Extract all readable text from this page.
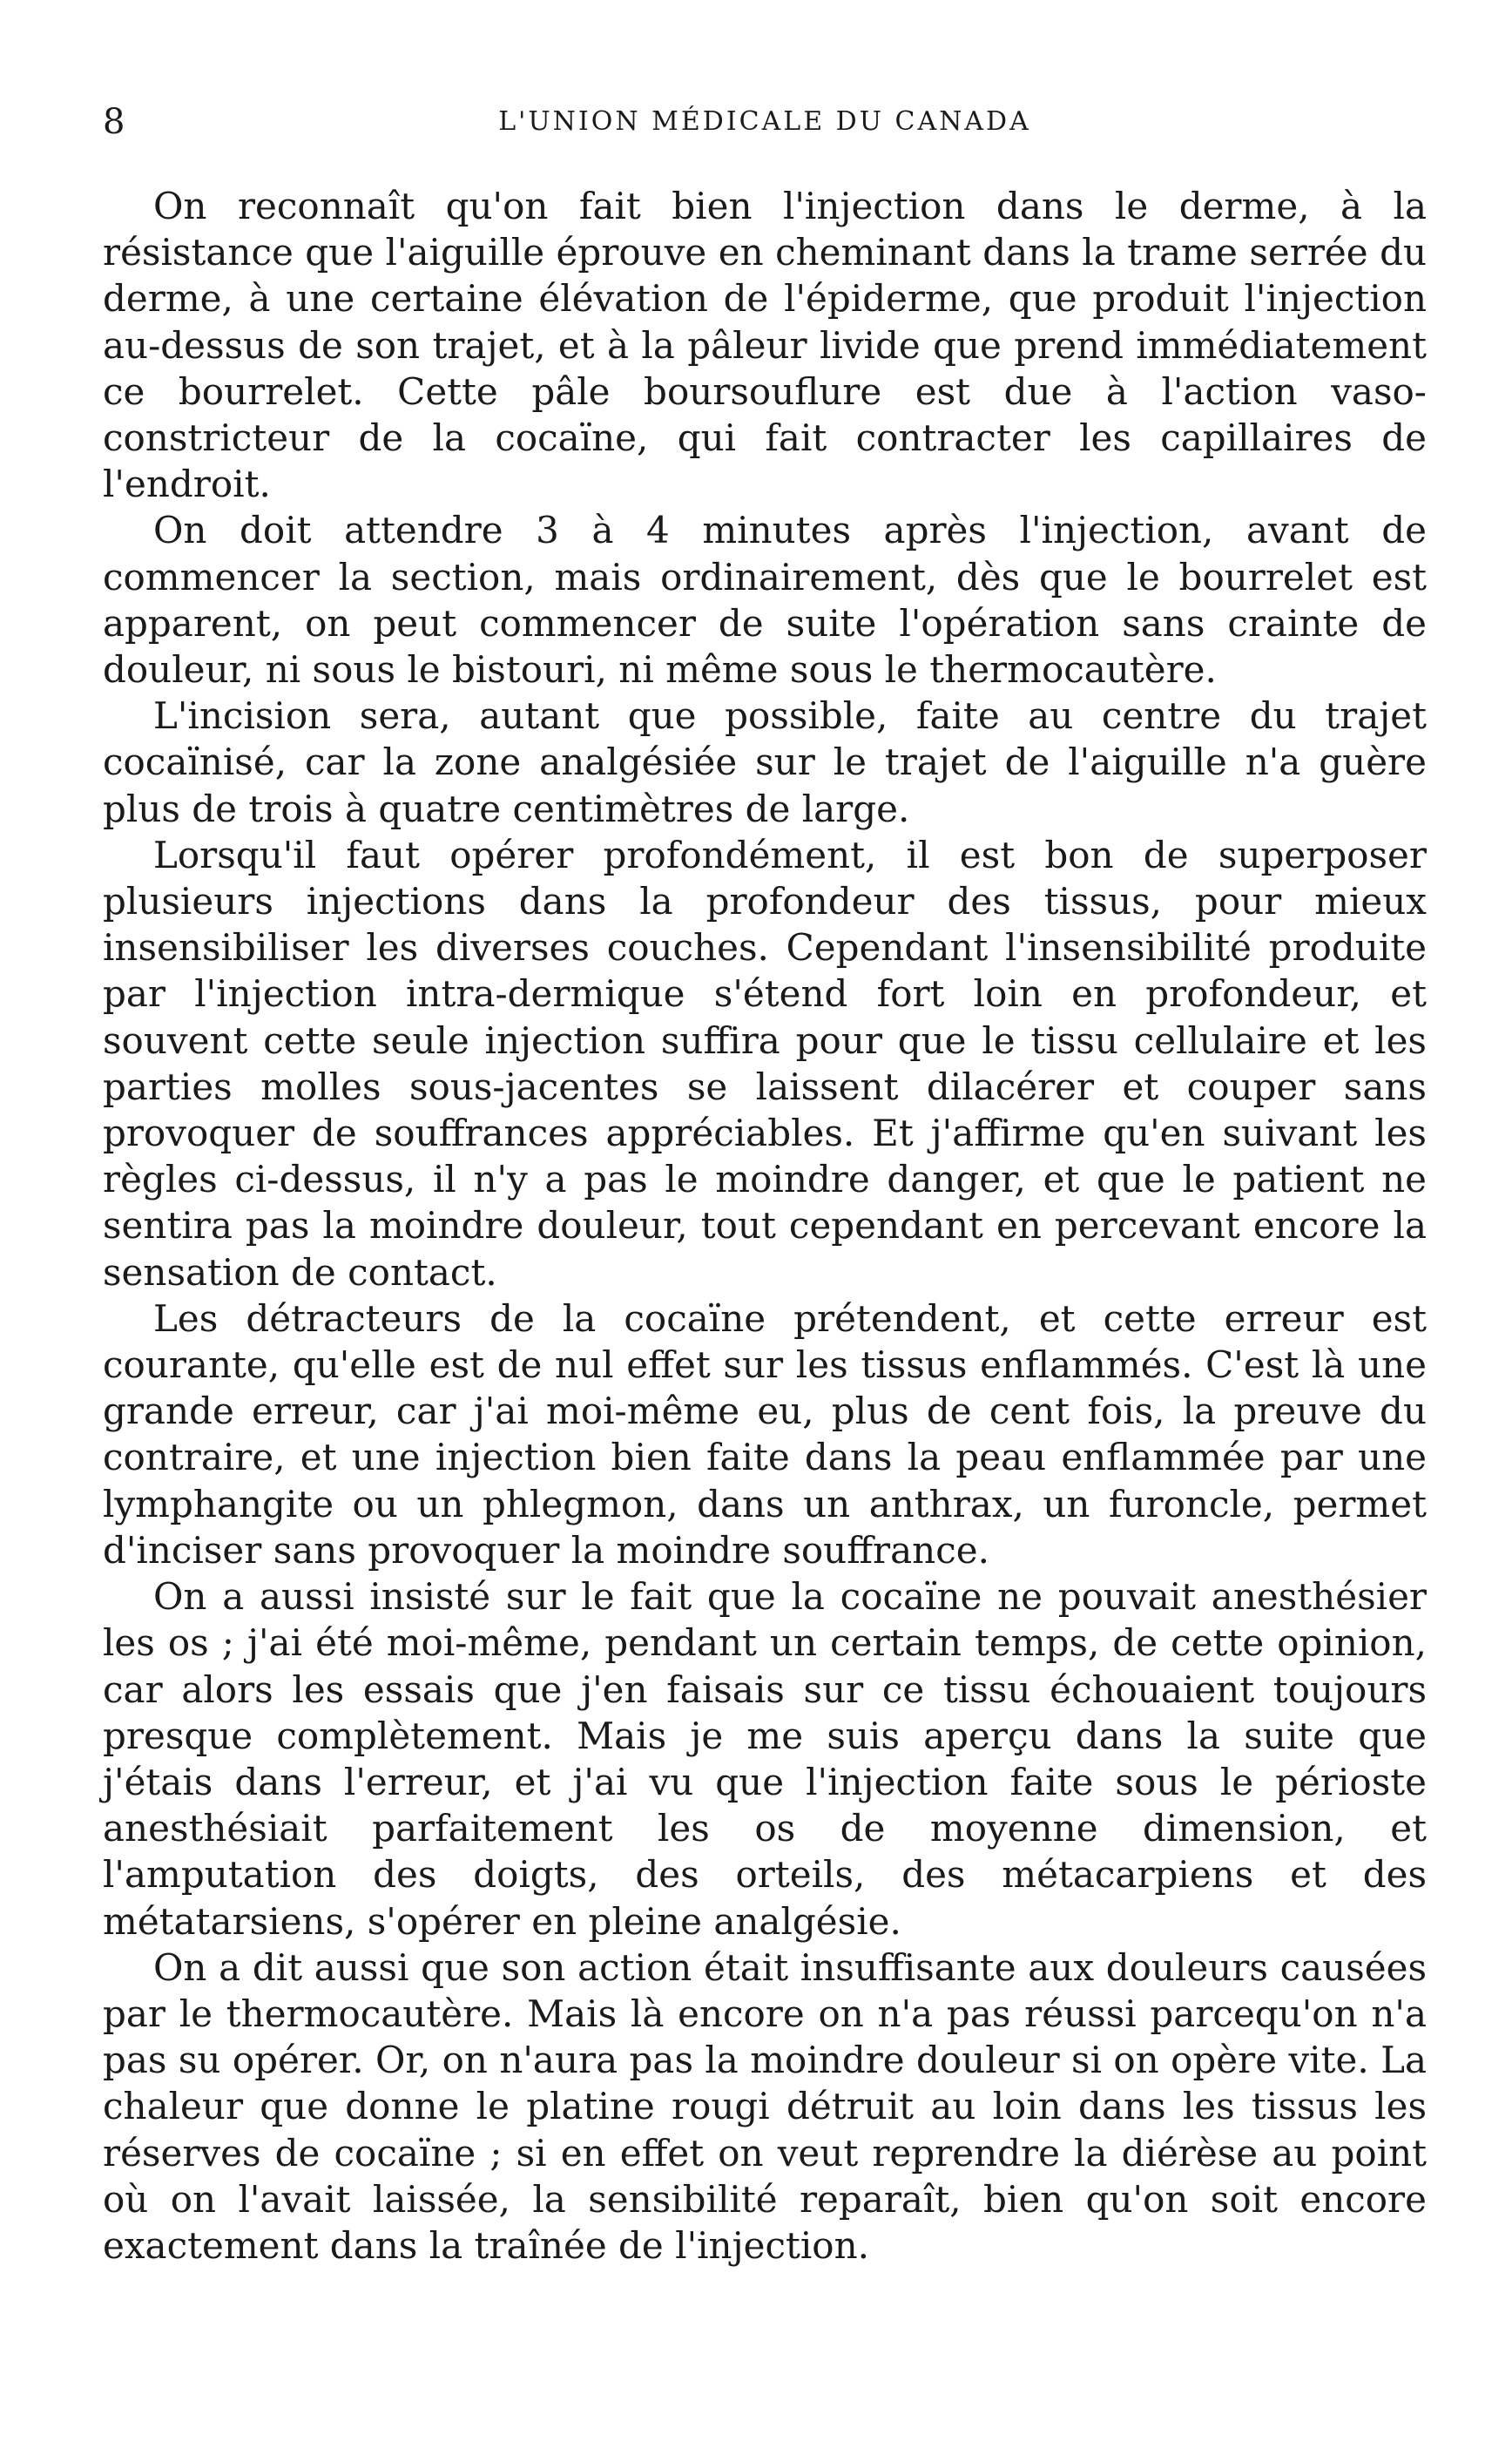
8	L'UNION MÉDICALE DU CANADA

On reconnaît qu'on fait bien l'injection dans le derme, à la résistance que l'aiguille éprouve en cheminant dans la trame serrée du derme, à une certaine élévation de l'épiderme, que produit l'injection au-dessus de son trajet, et à la pâleur livide que prend immédiatement ce bourrelet. Cette pâle boursouflure est due à l'action vaso-constricteur de la cocaïne, qui fait contracter les capillaires de l'endroit.

On doit attendre 3 à 4 minutes après l'injection, avant de commencer la section, mais ordinairement, dès que le bourrelet est apparent, on peut commencer de suite l'opération sans crainte de douleur, ni sous le bistouri, ni même sous le thermocautère.

L'incision sera, autant que possible, faite au centre du trajet cocaïnisé, car la zone analgésiée sur le trajet de l'aiguille n'a guère plus de trois à quatre centimètres de large.

Lorsqu'il faut opérer profondément, il est bon de superposer plusieurs injections dans la profondeur des tissus, pour mieux insensibiliser les diverses couches. Cependant l'insensibilité produite par l'injection intra-dermique s'étend fort loin en profondeur, et souvent cette seule injection suffira pour que le tissu cellulaire et les parties molles sous-jacentes se laissent dilacérer et couper sans provoquer de souffrances appréciables. Et j'affirme qu'en suivant les règles ci-dessus, il n'y a pas le moindre danger, et que le patient ne sentira pas la moindre douleur, tout cependant en percevant encore la sensation de contact.

Les détracteurs de la cocaïne prétendent, et cette erreur est courante, qu'elle est de nul effet sur les tissus enflammés. C'est là une grande erreur, car j'ai moi-même eu, plus de cent fois, la preuve du contraire, et une injection bien faite dans la peau enflammée par une lymphangite ou un phlegmon, dans un anthrax, un furoncle, permet d'inciser sans provoquer la moindre souffrance.

On a aussi insisté sur le fait que la cocaïne ne pouvait anesthésier les os ; j'ai été moi-même, pendant un certain temps, de cette opinion, car alors les essais que j'en faisais sur ce tissu échouaient toujours presque complètement. Mais je me suis aperçu dans la suite que j'étais dans l'erreur, et j'ai vu que l'injection faite sous le périoste anesthésiait parfaitement les os de moyenne dimension, et l'amputation des doigts, des orteils, des métacarpiens et des métatarsiens, s'opérer en pleine analgésie.

On a dit aussi que son action était insuffisante aux douleurs causées par le thermocautère. Mais là encore on n'a pas réussi parcequ'on n'a pas su opérer. Or, on n'aura pas la moindre douleur si on opère vite. La chaleur que donne le platine rougi détruit au loin dans les tissus les réserves de cocaïne ; si en effet on veut reprendre la diérèse au point où on l'avait laissée, la sensibilité reparaît, bien qu'on soit encore exactement dans la traînée de l'injection.
